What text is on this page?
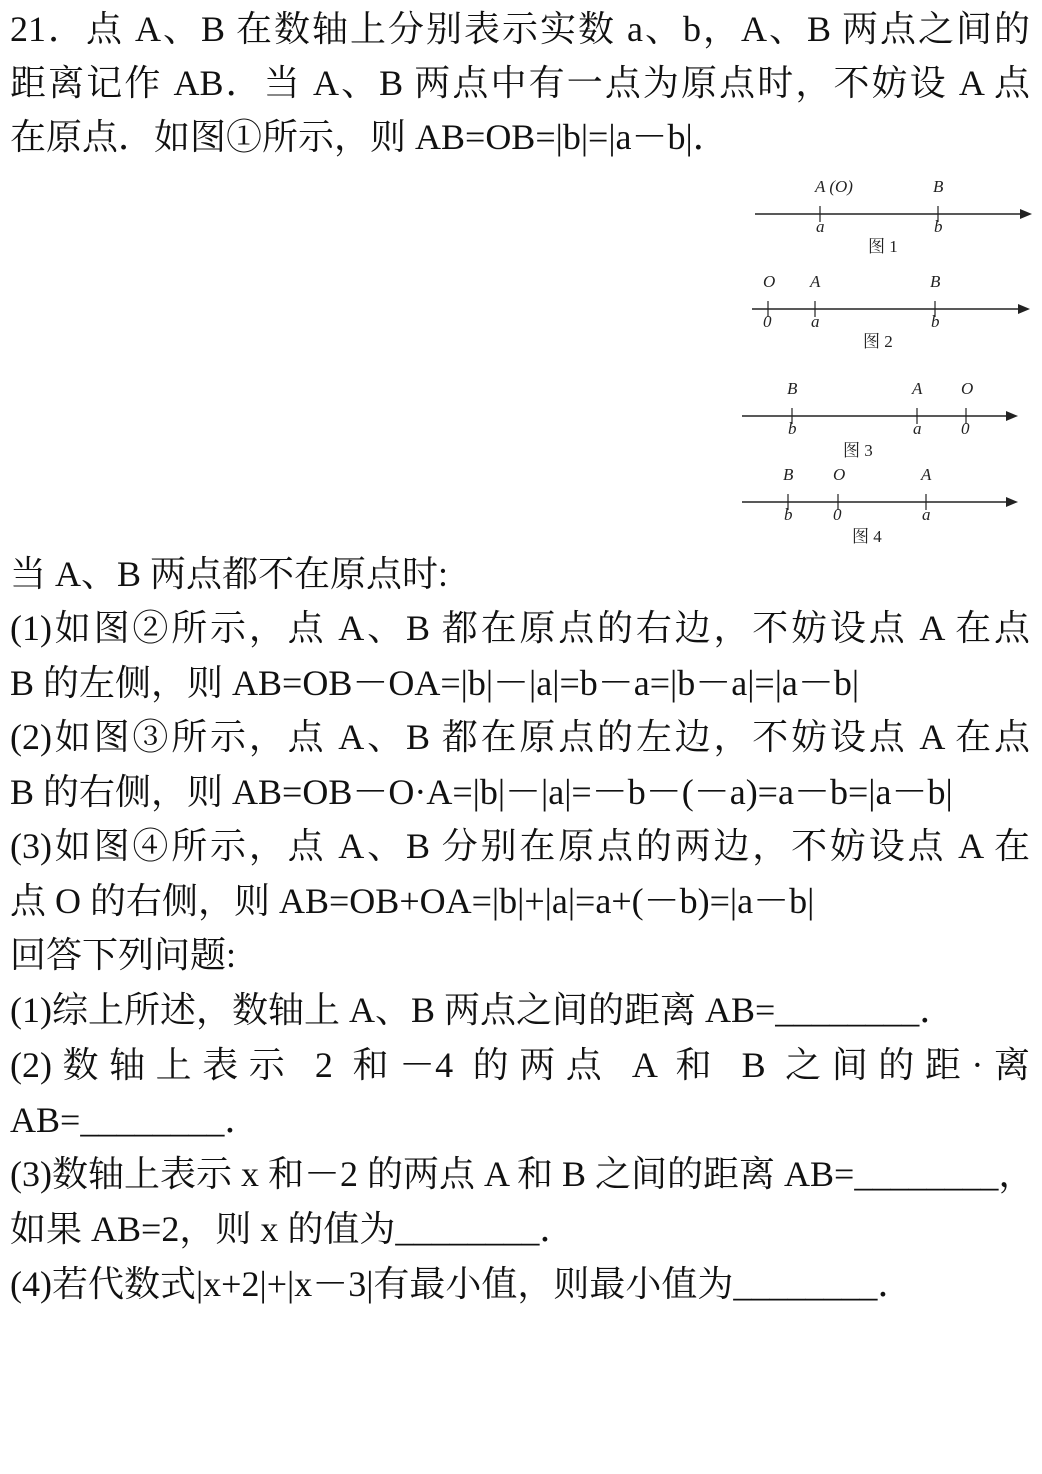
21．点 A、B 在数轴上分别表示实数 a、b，A、B 两点之间的
距离记作 AB．当 A、B 两点中有一点为原点时，不妨设 A 点
在原点．如图①所示，则 AB=OB=|b|=|a－b|．
A (O)	B
a	b
图 1
O A	B
0 a	b
图 2
B	A O
b	a 0
图 3
B O	A
b 0	a
图 4
当 A、B 两点都不在原点时:
(1)如图②所示，点 A、B 都在原点的右边，不妨设点 A 在点
B 的左侧，则 AB=OB－OA=|b|－|a|=b－a=|b－a|=|a－b|
(2)如图③所示，点 A、B 都在原点的左边，不妨设点 A 在点
B 的右侧，则 AB=OB－O·A=|b|－|a|=－b－(－a)=a－b=|a－b|
(3)如图④所示，点 A、B 分别在原点的两边，不妨设点 A 在
点 O 的右侧，则 AB=OB+OA=|b|+|a|=a+(－b)=|a－b|
回答下列问题:
(1)综上所述，数轴上 A、B 两点之间的距离 AB=________．
(2)数轴上表示 2 和－4 的两点 A 和 B 之间的距·离
AB=________．
(3)数轴上表示 x 和－2 的两点 A 和 B 之间的距离 AB=________，
如果 AB=2，则 x 的值为________．
(4)若代数式|x+2|+|x－3|有最小值，则最小值为________．
